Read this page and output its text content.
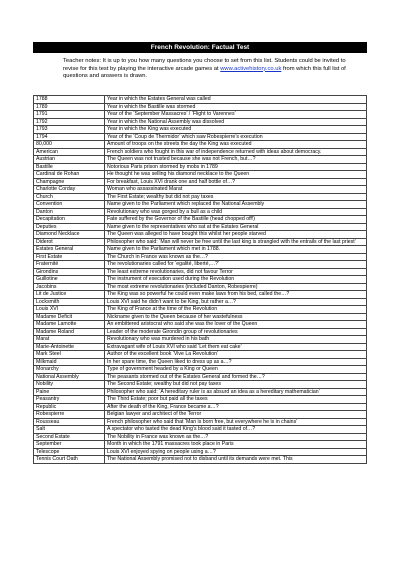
French Revolution: Factual Test
Teacher notes: It is up to you how many questions you choose to set from this list. Students could be invited to revise for this test by playing the interactive arcade games at www.activehistory.co.uk from which this full list of questions and answers is drawn.
1788	Year in which the Estates General was called
1789	Year in which the Bastille was stormed
1791	Year of the ‘September Massacres’ / ‘Flight to Varennes’
1792	Year in which the National Assembly was dissolved
1793	Year in which the King was executed
1794	Year of the ‘Coup de Thermidor’ which saw Robespierre’s execution
80,000	Amount of troops on the streets the day the King was executed
American	French soldiers who fought in this war of independence returned with ideas about democracy.
Austrian	The Queen was not trusted because she was not French, but…?
Bastille	Notorious Paris prison stormed by mobs in 1789
Cardinal de Rohan	He thought he was selling his diamond necklace to the Queen
Champagne	For breakfast, Louis XVI drank one and half bottle of…?
Charlotte Corday	Woman who assassinated Marat
Church	The First Estate; wealthy but did not pay taxes
Convention	Name given to the Parliament which replaced the National Assembly
Danton	Revolutionary who was gorged by a bull as a child
Decapitation	Fate suffered by the Governor of the Bastille (head chopped off!)
Deputies	Name given to the representatives who sat at the Estates General
Diamond Necklace	The Queen was alleged to have bought this whilst her people starved
Diderot	Philosopher who said: ‘Man will never be free until the last king is strangled with the entrails of the last priest’
Estates General	Name given to the Parliament which met in 1788.
First Estate	The Church in France was known as the…?
Fraternité	The revolutionaries called for ‘egalité, liberté,…?’
Girondins	The least extreme revolutionaries, did not favour Terror
Guillotine	The instrument of execution used during the Revolution
Jacobins	The most extreme revolutionaries (included Danton, Robespierre)
Lit de Justice	The King was so powerful he could even make laws from his bed, called the…?
Locksmith	Louis XVI said he didn’t want to be King, but rather a…?
Louis XVI	The King of France at the time of the Revolution
Madame Deficit	Nickname given to the Queen because of her wastefulness
Madame Lamotte	An embittered aristocrat who said she was the lover of the Queen
Madame Roland	Leader of the moderate Girondin group of revolutionaries
Marat	Revolutionary who was murdered in his bath
Marie-Antoinette	Extravagant wife of Louis XVI who said ‘Let them eat cake’
Mark Steel	Author of the excellent book ‘Vive La Revolution’
Milkmaid	In her spare time, the Queen liked to dress up as a…?
Monarchy	Type of government headed by a King or Queen
National Assembly	The peasants stormed out of the Estates General and formed the…?
Nobility	The Second Estate; wealthy but did not pay taxes
Paine	Philosopher who said: ‘A hereditary ruler is as absurd an idea as a hereditary mathematician’
Peasantry	The Third Estate; poor but paid all the taxes
Republic	After the death of the King, France became a…?
Robespierre	Belgian lawyer and architect of the Terror
Rousseau	French philosopher who said that ‘Man is born free, but everywhere he is in chains’
Salt	A spectator who tasted the dead King’s blood said it tasted of…?
Second Estate	The Nobility in France was known as the…?
September	Month in which the 1791 massacres took place in Paris
Telescope	Louis XVI enjoyed spying on people using a…?
Tennis Court Oath	The National Assembly promised not to disband until its demands were met. This
